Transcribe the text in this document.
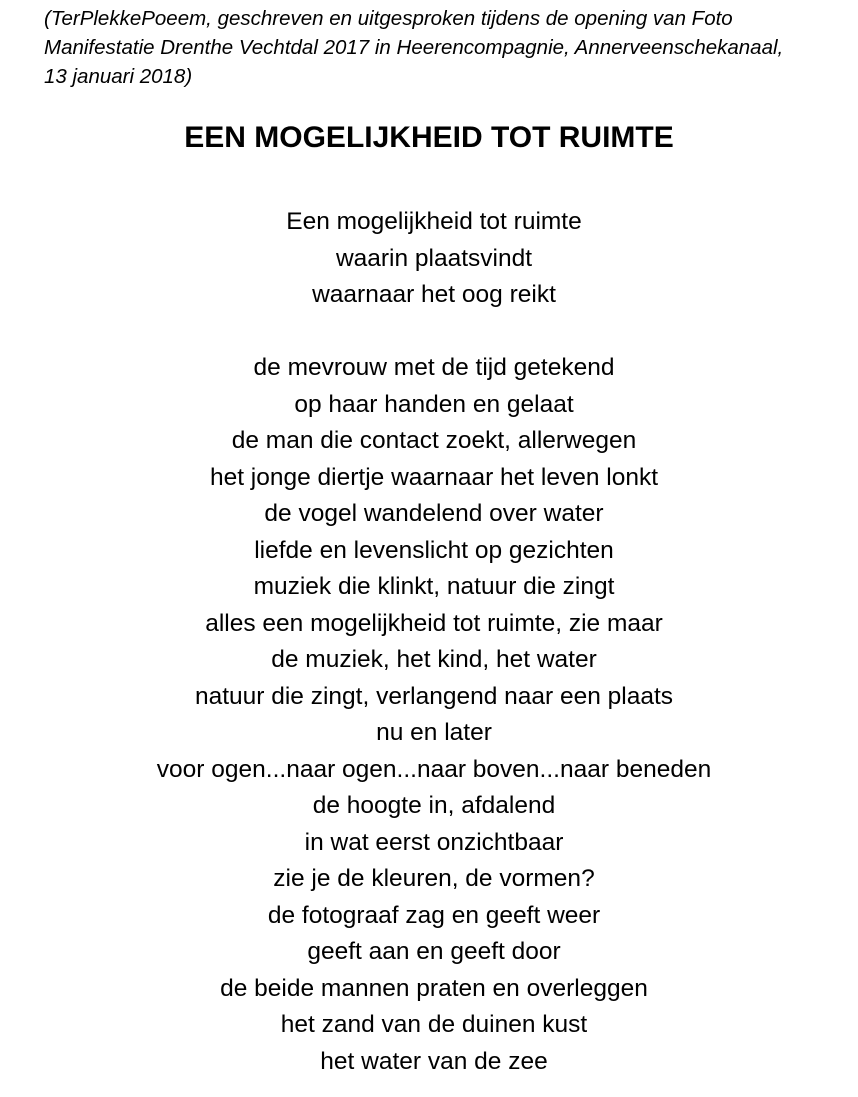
(TerPlekkePoeem, geschreven en uitgesproken tijdens de opening van Foto
Manifestatie Drenthe Vechtdal 2017 in Heerencompagnie, Annerveenschekanaal,
13 januari 2018)
EEN MOGELIJKHEID TOT RUIMTE
Een mogelijkheid tot ruimte
waarin plaatsvindt
waarnaar het oog reikt
de mevrouw met de tijd getekend
op haar handen en gelaat
de man die contact zoekt, allerwegen
het jonge diertje waarnaar het leven lonkt
de vogel wandelend over water
liefde en levenslicht op gezichten
muziek die klinkt, natuur die zingt
alles een mogelijkheid tot ruimte, zie maar
de muziek, het kind, het water
natuur die zingt, verlangend naar een plaats
nu en later
voor ogen...naar ogen...naar boven...naar beneden
de hoogte in, afdalend
in wat eerst onzichtbaar
zie je de kleuren, de vormen?
de fotograaf zag en geeft weer
geeft aan en geeft door
de beide mannen praten en overleggen
het zand van de duinen kust
het water van de zee
